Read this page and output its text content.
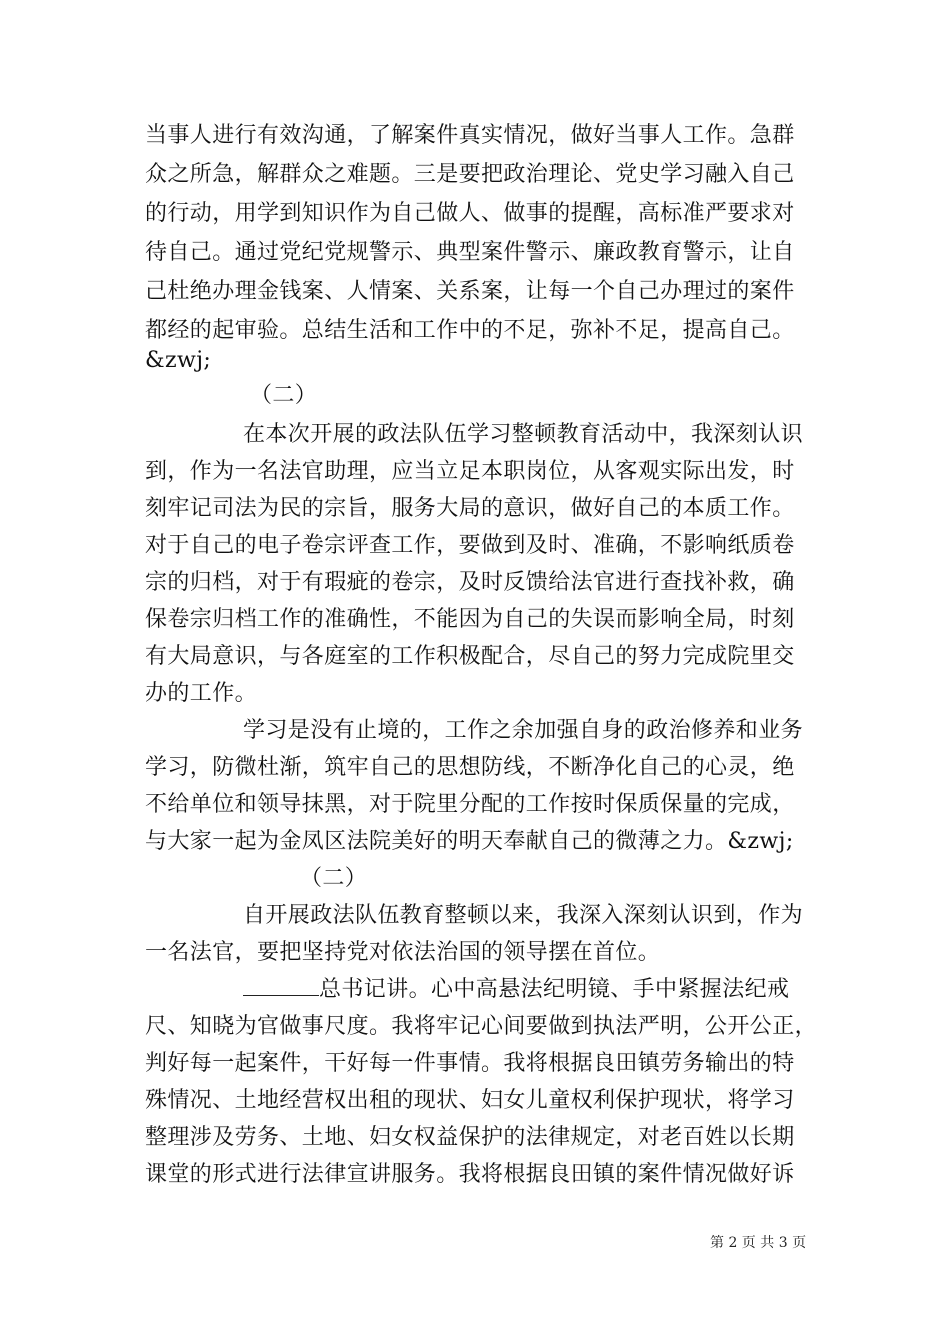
当事人进行有效沟通，了解案件真实情况，做好当事人工作。急群
众之所急，解群众之难题。三是要把政治理论、党史学习融入自己
的行动，用学到知识作为自己做人、做事的提醒，高标准严要求对
待自己。通过党纪党规警示、典型案件警示、廉政教育警示，让自
己杜绝办理金钱案、人情案、关系案，让每一个自己办理过的案件
都经的起审验。总结生活和工作中的不足，弥补不足，提高自己。
&zwj;
（二）
在本次开展的政法队伍学习整顿教育活动中，我深刻认识
到，作为一名法官助理，应当立足本职岗位，从客观实际出发，时
刻牢记司法为民的宗旨，服务大局的意识，做好自己的本质工作。
对于自己的电子卷宗评查工作，要做到及时、准确，不影响纸质卷
宗的归档，对于有瑕疵的卷宗，及时反馈给法官进行查找补救，确
保卷宗归档工作的准确性，不能因为自己的失误而影响全局，时刻
有大局意识，与各庭室的工作积极配合，尽自己的努力完成院里交
办的工作。
学习是没有止境的，工作之余加强自身的政治修养和业务
学习，防微杜渐，筑牢自己的思想防线，不断净化自己的心灵，绝
不给单位和领导抹黑，对于院里分配的工作按时保质保量的完成，
与大家一起为金凤区法院美好的明天奉献自己的微薄之力。&zwj;
（二）
自开展政法队伍教育整顿以来，我深入深刻认识到，作为
一名法官，要把坚持党对依法治国的领导摆在首位。
总书记讲。心中高悬法纪明镜、手中紧握法纪戒
尺、知晓为官做事尺度。我将牢记心间要做到执法严明，公开公正，
判好每一起案件，干好每一件事情。我将根据良田镇劳务输出的特
殊情况、土地经营权出租的现状、妇女儿童权利保护现状，将学习
整理涉及劳务、土地、妇女权益保护的法律规定，对老百姓以长期
课堂的形式进行法律宣讲服务。我将根据良田镇的案件情况做好诉
第 2 页 共 3 页
